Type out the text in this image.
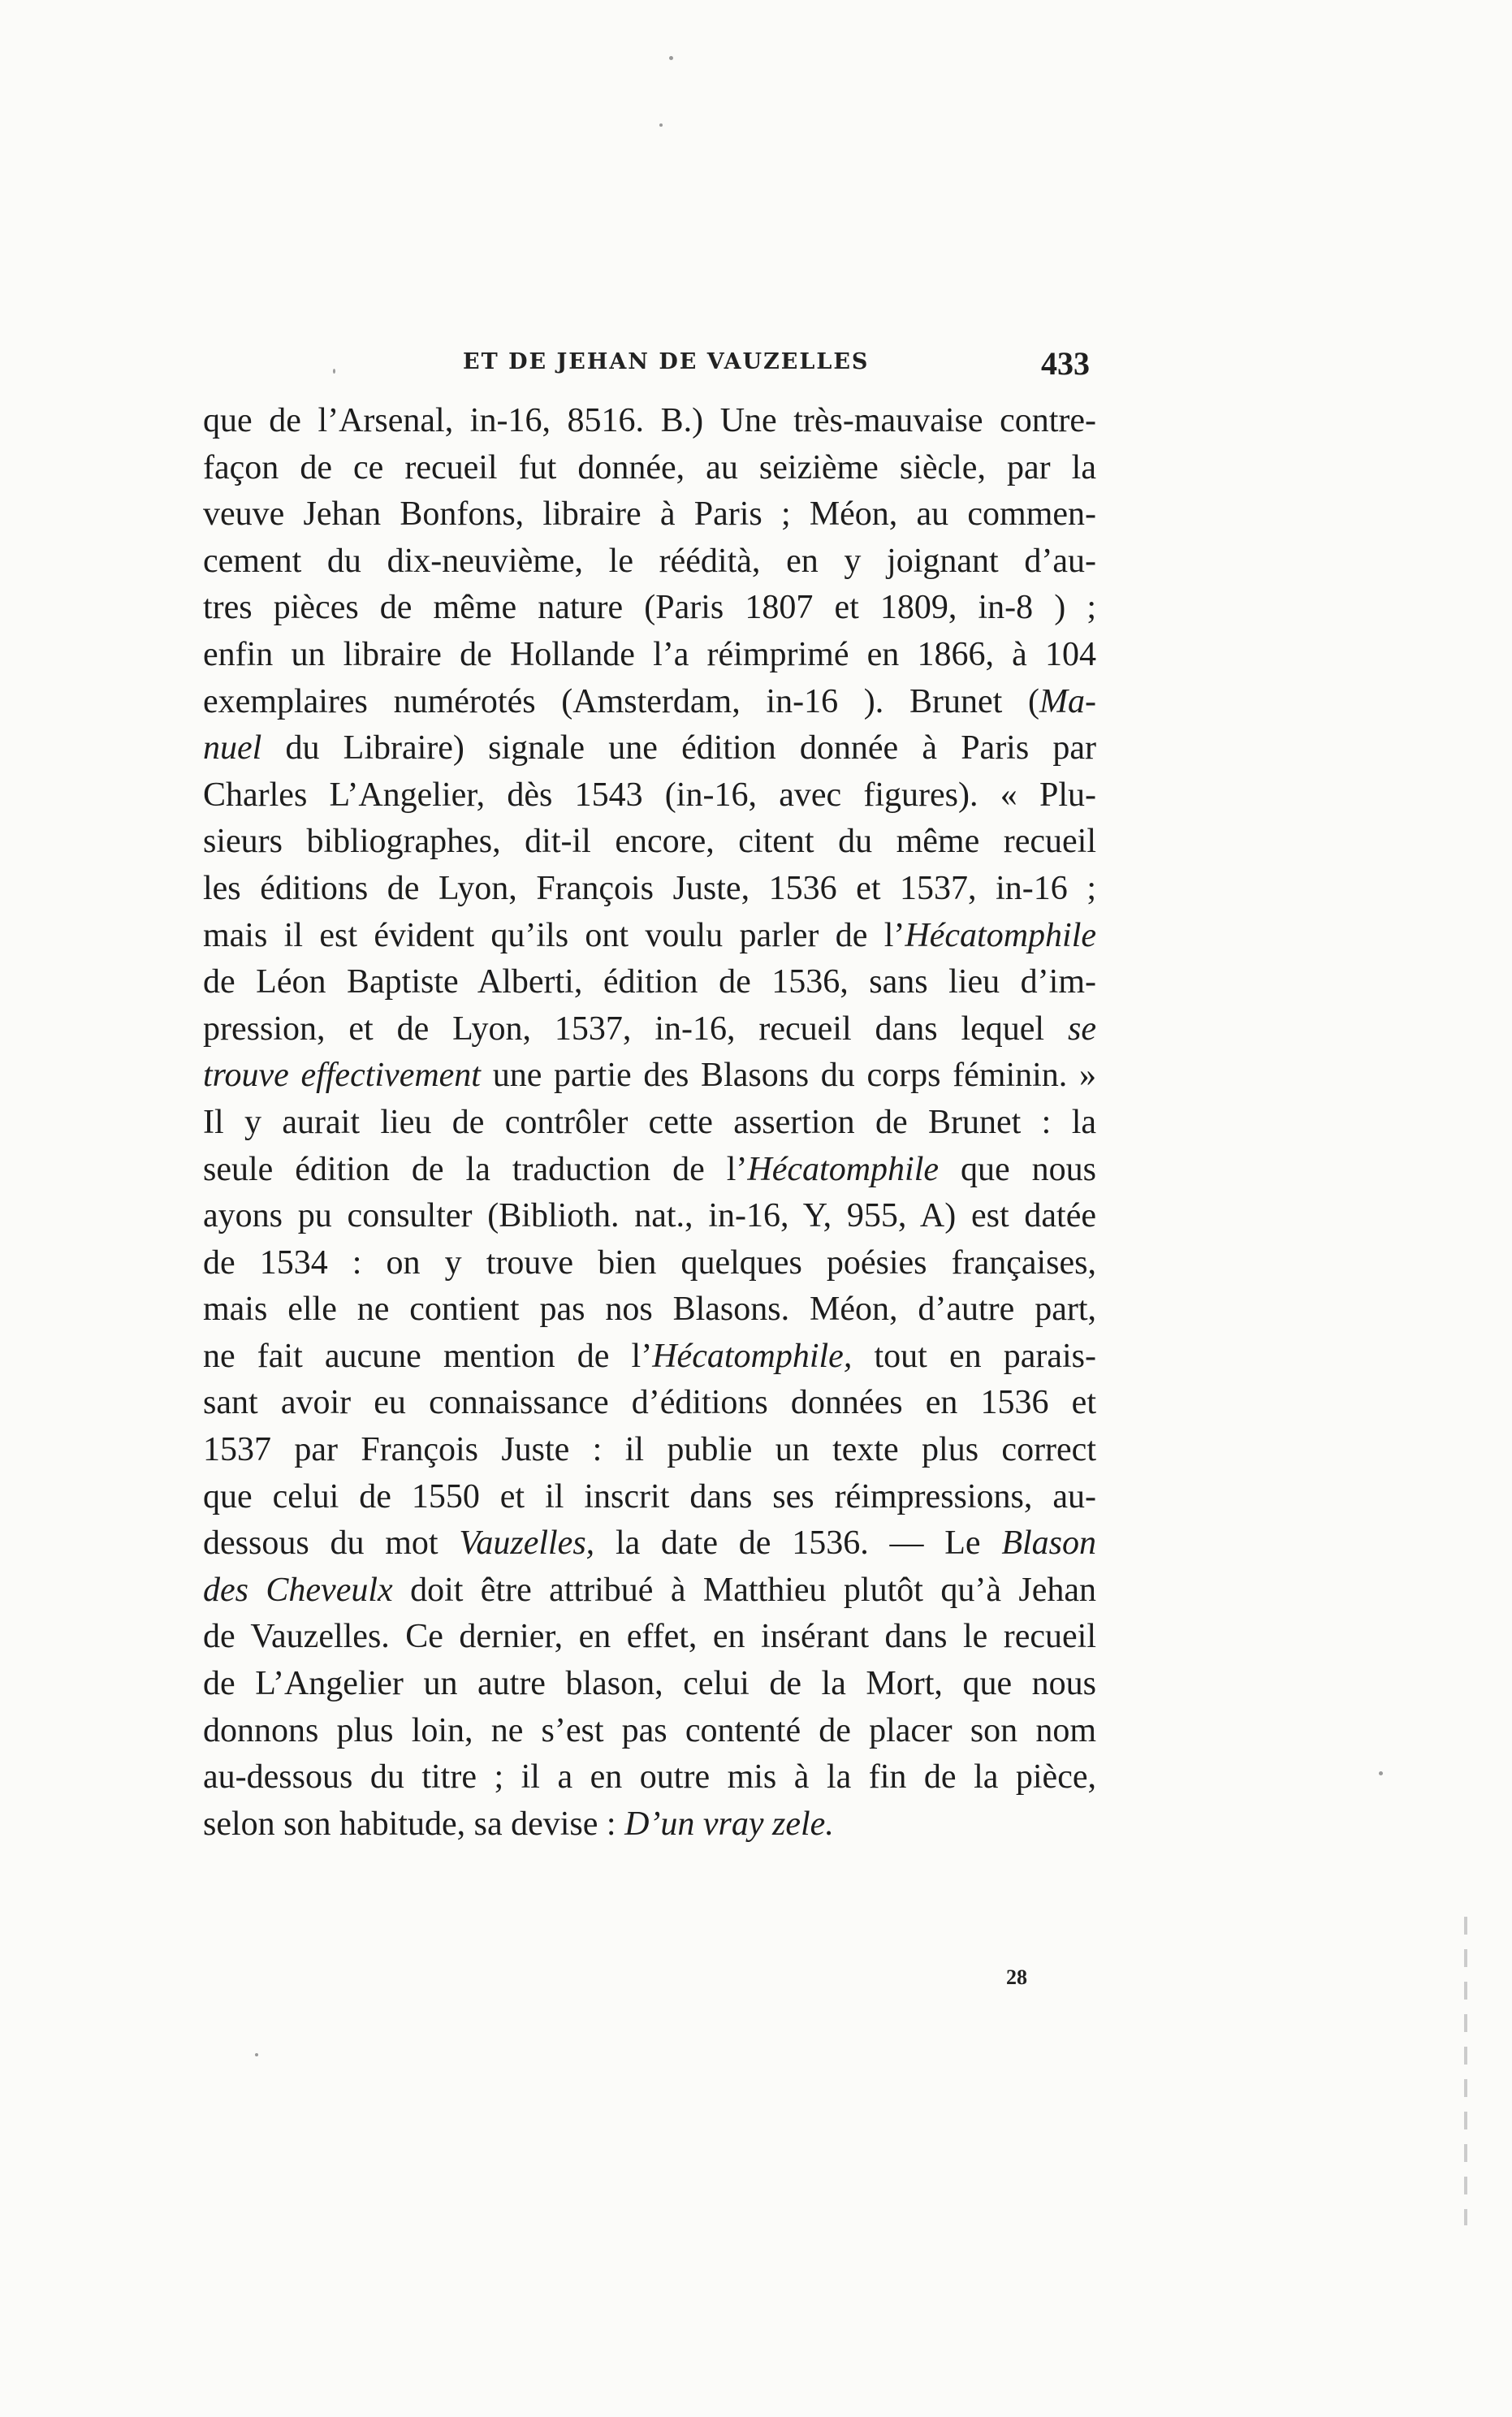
ET DE JEHAN DE VAUZELLES	433
que de l’Arsenal, in-16, 8516. B.) Une très-mauvaise contre-
façon de ce recueil fut donnée, au seizième siècle, par la
veuve Jehan Bonfons, libraire à Paris ; Méon, au commen-
cement du dix-neuvième, le réédità, en y joignant d’au-
tres pièces de même nature (Paris 1807 et 1809, in-8 ) ;
enfin un libraire de Hollande l’a réimprimé en 1866, à 104
exemplaires numérotés (Amsterdam, in-16 ). Brunet (Ma-
nuel du Libraire) signale une édition donnée à Paris par
Charles L’Angelier, dès 1543 (in-16, avec figures). « Plu-
sieurs bibliographes, dit-il encore, citent du même recueil
les éditions de Lyon, François Juste, 1536 et 1537, in-16 ;
mais il est évident qu’ils ont voulu parler de l’Hécatomphile
de Léon Baptiste Alberti, édition de 1536, sans lieu d’im-
pression, et de Lyon, 1537, in-16, recueil dans lequel se
trouve effectivement une partie des Blasons du corps féminin. »
Il y aurait lieu de contrôler cette assertion de Brunet : la
seule édition de la traduction de l’Hécatomphile que nous
ayons pu consulter (Biblioth. nat., in-16, Y, 955, A) est datée
de 1534 : on y trouve bien quelques poésies françaises,
mais elle ne contient pas nos Blasons. Méon, d’autre part,
ne fait aucune mention de l’Hécatomphile, tout en parais-
sant avoir eu connaissance d’éditions données en 1536 et
1537 par François Juste : il publie un texte plus correct
que celui de 1550 et il inscrit dans ses réimpressions, au-
dessous du mot Vauzelles, la date de 1536. — Le Blason
des Cheveulx doit être attribué à Matthieu plutôt qu’à Jehan
de Vauzelles. Ce dernier, en effet, en insérant dans le recueil
de L’Angelier un autre blason, celui de la Mort, que nous
donnons plus loin, ne s’est pas contenté de placer son nom
au-dessous du titre ; il a en outre mis à la fin de la pièce,
selon son habitude, sa devise : D’un vray zele.
28
